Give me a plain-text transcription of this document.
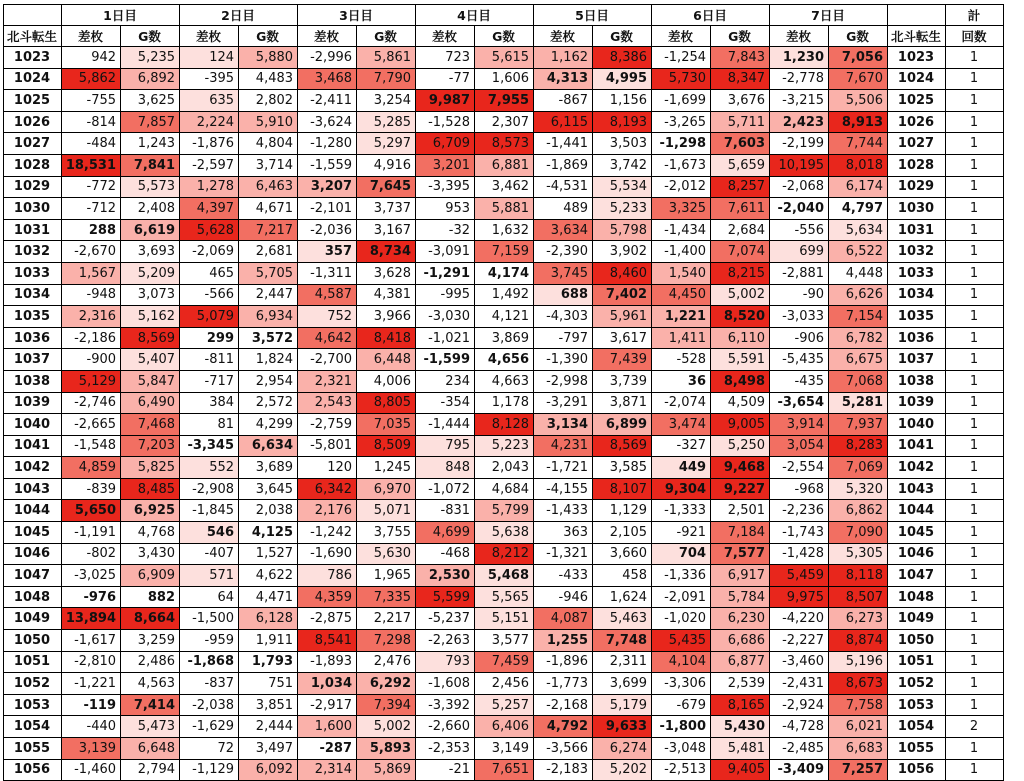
	1日目		2日目		3日目		4日目		5日目		6日目		7日目			計
北斗転生	差枚	G数	差枚	G数	差枚	G数	差枚	G数	差枚	G数	差枚	G数	差枚	G数	北斗転生	回数
1023	942	5,235	124	5,880	-2,996	5,861	723	5,615	1,162	8,386	-1,254	7,843	1,230	7,056	1023	1
1024	5,862	6,892	-395	4,483	3,468	7,790	-77	1,606	4,313	4,995	5,730	8,347	-2,778	7,670	1024	1
1025	-755	3,625	635	2,802	-2,411	3,254	9,987	7,955	-867	1,156	-1,699	3,676	-3,215	5,506	1025	1
1026	-814	7,857	2,224	5,910	-3,624	5,285	-1,528	2,307	6,115	8,193	-3,265	5,711	2,423	8,913	1026	1
1027	-484	1,243	-1,876	4,804	-1,280	5,297	6,709	8,573	-1,441	3,503	-1,298	7,603	-2,199	7,744	1027	1
1028	18,531	7,841	-2,597	3,714	-1,559	4,916	3,201	6,881	-1,869	3,742	-1,673	5,659	10,195	8,018	1028	1
1029	-772	5,573	1,278	6,463	3,207	7,645	-3,395	3,462	-4,531	5,534	-2,012	8,257	-2,068	6,174	1029	1
1030	-712	2,408	4,397	4,671	-2,101	3,737	953	5,881	489	5,233	3,325	7,611	-2,040	4,797	1030	1
1031	288	6,619	5,628	7,217	-2,036	3,167	-32	1,632	3,634	5,798	-1,434	2,684	-556	5,634	1031	1
1032	-2,670	3,693	-2,069	2,681	357	8,734	-3,091	7,159	-2,390	3,902	-1,400	7,074	699	6,522	1032	1
1033	1,567	5,209	465	5,705	-1,311	3,628	-1,291	4,174	3,745	8,460	1,540	8,215	-2,881	4,448	1033	1
1034	-948	3,073	-566	2,447	4,587	4,381	-995	1,492	688	7,402	4,450	5,002	-90	6,626	1034	1
1035	2,316	5,162	5,079	6,934	752	3,966	-3,030	4,121	-4,303	5,961	1,221	8,520	-3,033	7,154	1035	1
1036	-2,186	8,569	299	3,572	4,642	8,418	-1,021	3,869	-797	3,617	1,411	6,110	-906	6,782	1036	1
1037	-900	5,407	-811	1,824	-2,700	6,448	-1,599	4,656	-1,390	7,439	-528	5,591	-5,435	6,675	1037	1
1038	5,129	5,847	-717	2,954	2,321	4,006	234	4,663	-2,998	3,739	36	8,498	-435	7,068	1038	1
1039	-2,746	6,490	384	2,572	2,543	8,805	-354	1,178	-3,291	3,871	-2,074	4,509	-3,654	5,281	1039	1
1040	-2,665	7,468	81	4,299	-2,759	7,035	-1,444	8,128	3,134	6,899	3,474	9,005	3,914	7,937	1040	1
1041	-1,548	7,203	-3,345	6,634	-5,801	8,509	795	5,223	4,231	8,569	-327	5,250	3,054	8,283	1041	1
1042	4,859	5,825	552	3,689	120	1,245	848	2,043	-1,721	3,585	449	9,468	-2,554	7,069	1042	1
1043	-839	8,485	-2,908	3,645	6,342	6,970	-1,072	4,684	-4,155	8,107	9,304	9,227	-968	5,320	1043	1
1044	5,650	6,925	-1,845	2,038	2,176	5,071	-831	5,799	-1,433	1,129	-1,333	2,501	-2,236	6,862	1044	1
1045	-1,191	4,768	546	4,125	-1,242	3,755	4,699	5,638	363	2,105	-921	7,184	-1,743	7,090	1045	1
1046	-802	3,430	-407	1,527	-1,690	5,630	-468	8,212	-1,321	3,660	704	7,577	-1,428	5,305	1046	1
1047	-3,025	6,909	571	4,622	786	1,965	2,530	5,468	-433	458	-1,336	6,917	5,459	8,118	1047	1
1048	-976	882	64	4,471	4,359	7,335	5,599	5,565	-946	1,624	-2,091	5,784	9,975	8,507	1048	1
1049	13,894	8,664	-1,500	6,128	-2,875	2,217	-5,237	5,151	4,087	5,463	-1,020	6,230	-4,220	6,273	1049	1
1050	-1,617	3,259	-959	1,911	8,541	7,298	-2,263	3,577	1,255	7,748	5,435	6,686	-2,227	8,874	1050	1
1051	-2,810	2,486	-1,868	1,793	-1,893	2,476	793	7,459	-1,896	2,311	4,104	6,877	-3,460	5,196	1051	1
1052	-1,221	4,563	-837	751	1,034	6,292	-1,608	2,456	-1,773	3,699	-3,306	2,539	-2,431	8,673	1052	1
1053	-119	7,414	-2,038	3,851	-2,917	7,394	-3,392	5,257	-2,168	5,179	-679	8,165	-2,924	7,758	1053	1
1054	-440	5,473	-1,629	2,444	1,600	5,002	-2,660	6,406	4,792	9,633	-1,800	5,430	-4,728	6,021	1054	2
1055	3,139	6,648	72	3,497	-287	5,893	-2,353	3,149	-3,566	6,274	-3,048	5,481	-2,485	6,683	1055	1
1056	-1,460	2,794	-1,129	6,092	2,314	5,869	-21	7,651	-2,183	5,202	-2,513	9,405	-3,409	7,257	1056	1
